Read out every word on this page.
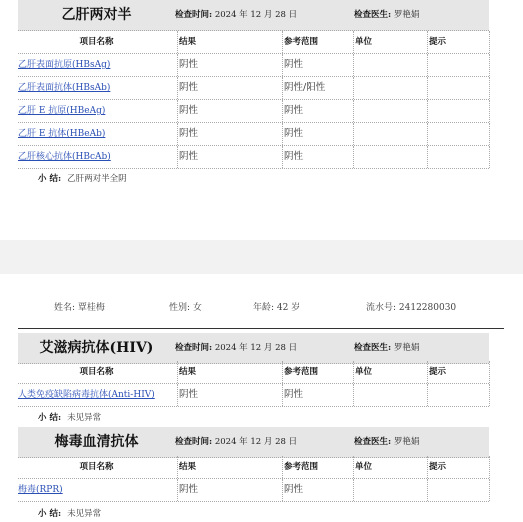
乙肝两对半	检查时间: 2024 年 12 月 28 日	检查医生: 罗艳娟
项目名称	结果	参考范围	单位	提示
乙肝表面抗原(HBsAg)	阴性	阴性
乙肝表面抗体(HBsAb)	阴性	阴性/阳性
乙肝 E 抗原(HBeAg)	阴性	阴性
乙肝 E 抗体(HBeAb)	阴性	阴性
乙肝核心抗体(HBcAb)	阴性	阴性
小 结: 乙肝两对半全阴
姓名: 覃桂梅	性别: 女	年龄: 42 岁	流水号: 2412280030
艾滋病抗体(HIV)	检查时间: 2024 年 12 月 28 日	检查医生: 罗艳娟
项目名称	结果	参考范围	单位	提示
人类免疫缺陷病毒抗体(Anti-HIV)	阴性	阴性
小 结: 未见异常
梅毒血清抗体	检查时间: 2024 年 12 月 28 日	检查医生: 罗艳娟
项目名称	结果	参考范围	单位	提示
梅毒(RPR)	阴性	阴性
小 结: 未见异常
